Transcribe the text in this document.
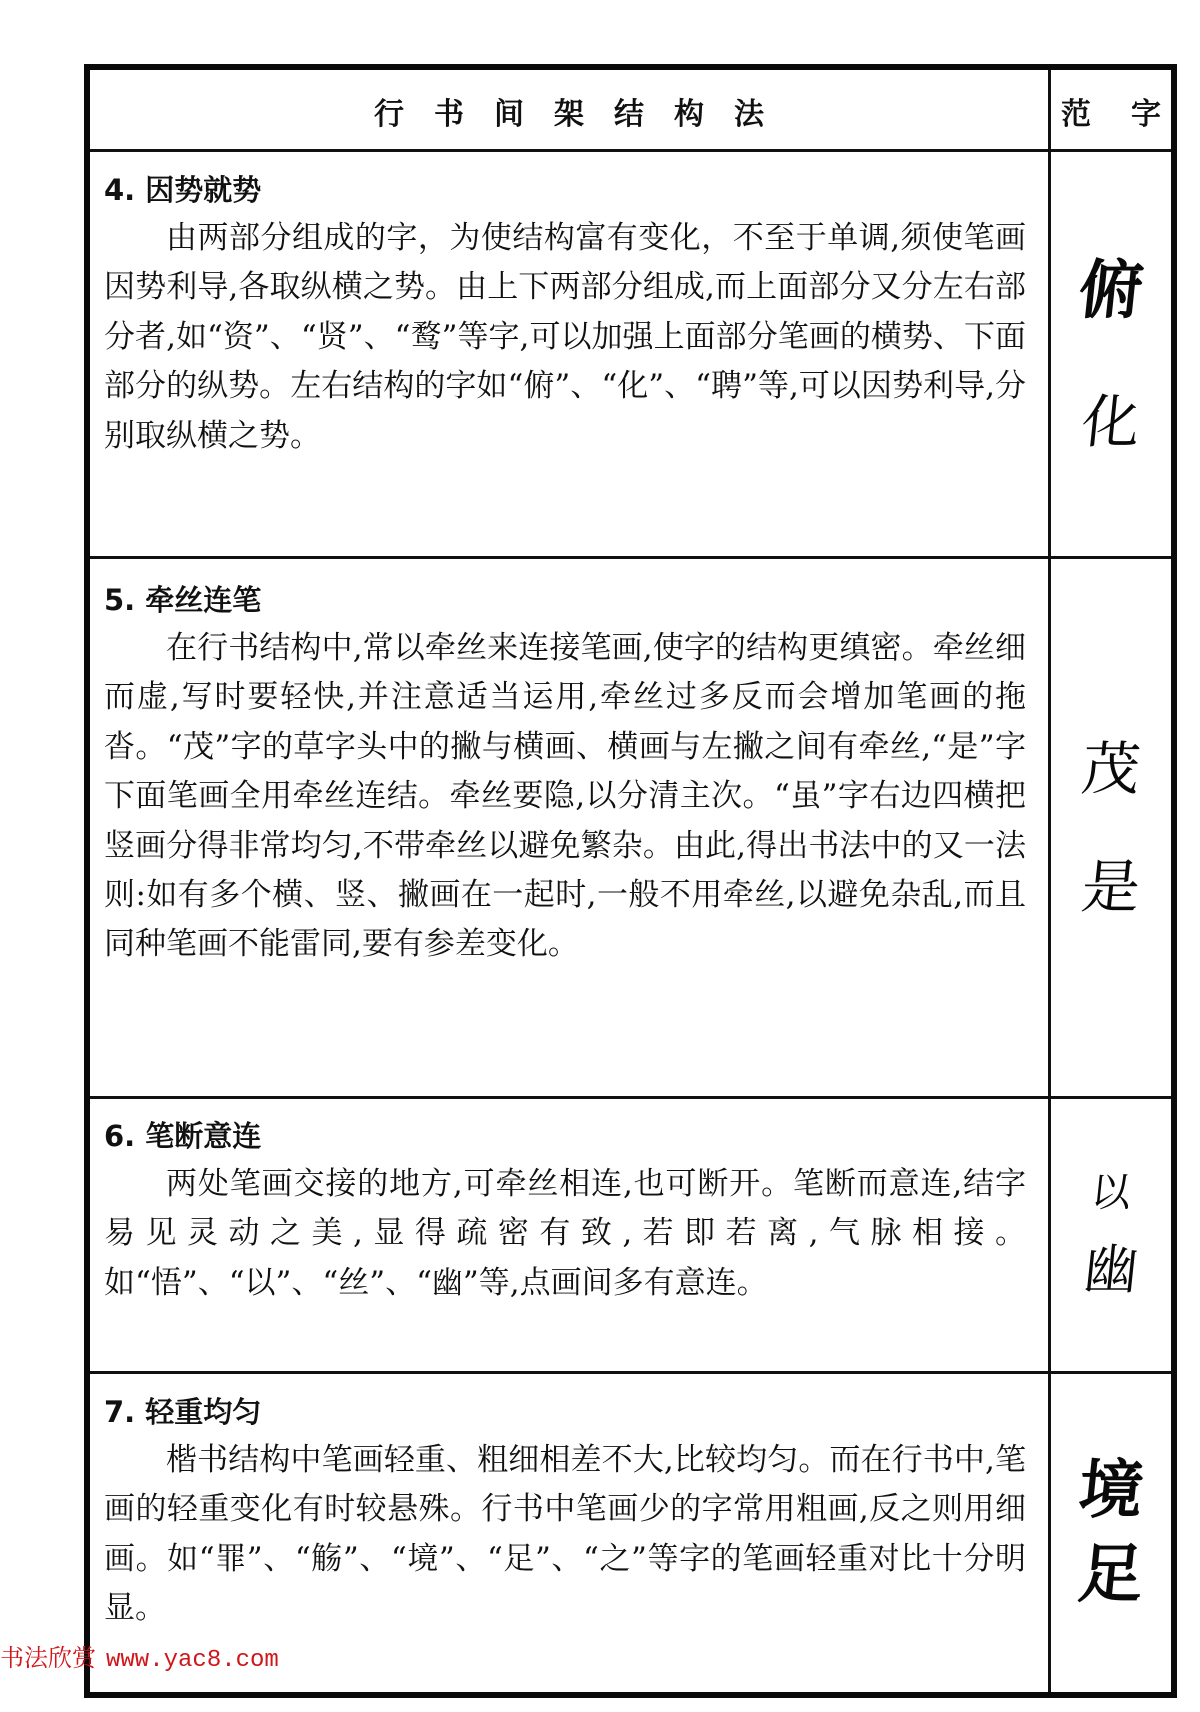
行书间架结构法	范 字
4. 因势就势

由两部分组成的字，为使结构富有变化，不至于单调,须使笔画因势利导,各取纵横之势。由上下两部分组成,而上面部分又分左右部分者,如“资”、“贤”、“鹜”等字,可以加强上面部分笔画的横势、下面部分的纵势。左右结构的字如“俯”、“化”、“聘”等,可以因势利导,分别取纵横之势。

俯
化
5. 牵丝连笔

在行书结构中,常以牵丝来连接笔画,使字的结构更缜密。牵丝细而虚,写时要轻快,并注意适当运用,牵丝过多反而会增加笔画的拖沓。“茂”字的草字头中的撇与横画、横画与左撇之间有牵丝,“是”字下面笔画全用牵丝连结。牵丝要隐,以分清主次。“虽”字右边四横把竖画分得非常均匀,不带牵丝以避免繁杂。由此,得出书法中的又一法则:如有多个横、竖、撇画在一起时,一般不用牵丝,以避免杂乱,而且同种笔画不能雷同,要有参差变化。

茂
是
6. 笔断意连

两处笔画交接的地方,可牵丝相连,也可断开。笔断而意连,结字易见灵动之美,显得疏密有致,若即若离,气脉相接。如“悟”、“以”、“丝”、“幽”等,点画间多有意连。

以
幽
7. 轻重均匀

楷书结构中笔画轻重、粗细相差不大,比较均匀。而在行书中,笔画的轻重变化有时较悬殊。行书中笔画少的字常用粗画,反之则用细画。如“罪”、“觞”、“境”、“足”、“之”等字的笔画轻重对比十分明显。

境
足
书法欣赏 www.yac8.com
